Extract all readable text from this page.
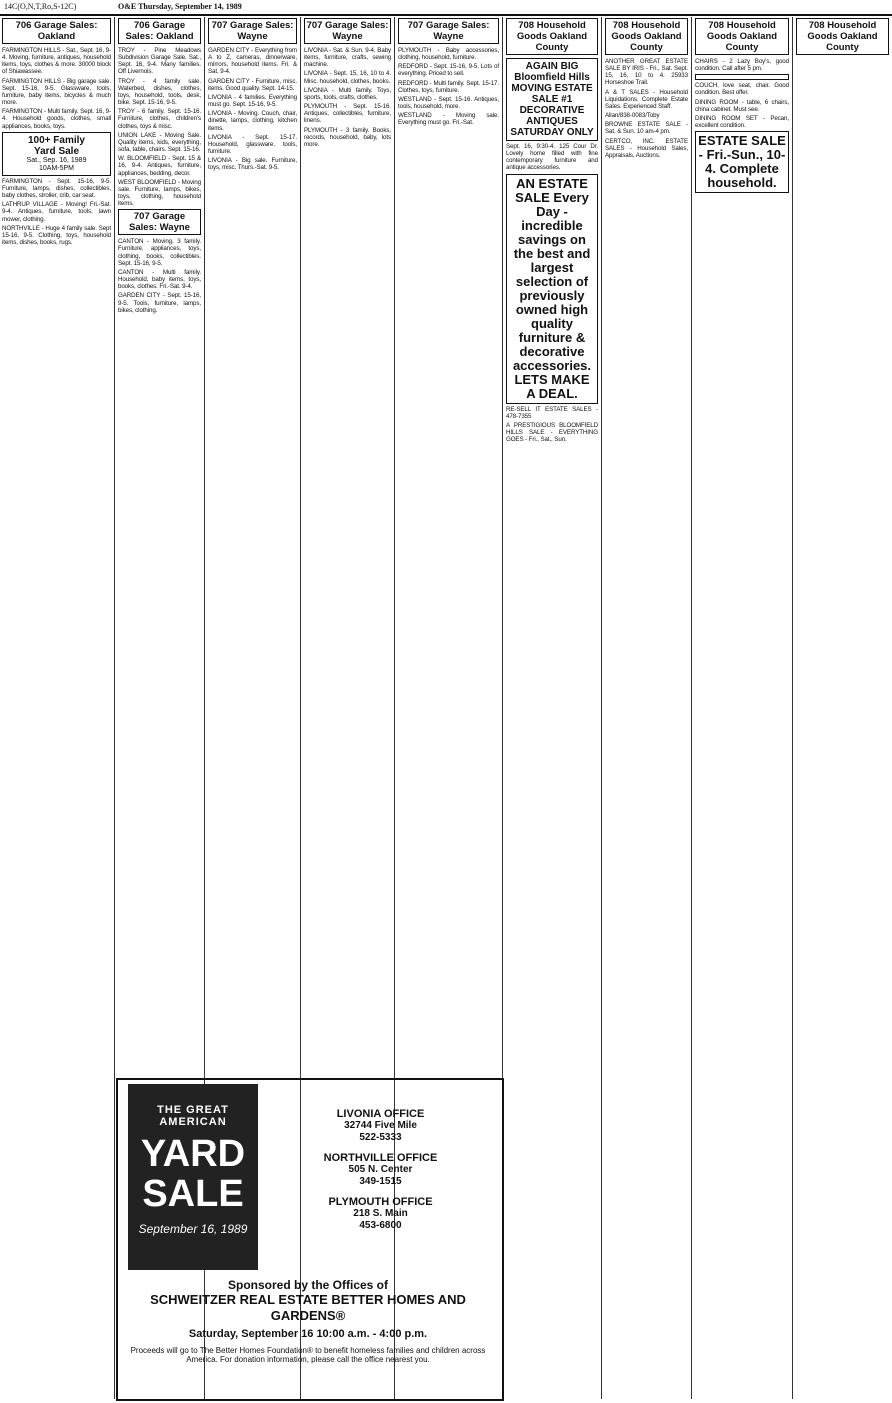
14C(O,N,T,Ro,S-12C)	O&E Thursday, September 14, 1989
706 Garage Sales: Oakland
FARMINGTON HILLS - Sat., Sept. 16, 9-4. Moving, furniture, antiques, household items, toys, clothes & more. 30000 block of Shiawassee.
FARMINGTON HILLS - Big garage sale. Sept. 15-16, 9-5. Glassware, tools, furniture, baby items, bicycles & much more.
FARMINGTON - Multi family. Sept. 16, 9-4. Household goods, clothes, small appliances, books, toys.
100+ Family
Yard Sale
Sat., Sep. 16, 1989
10AM-5PM
FARMINGTON - Sept. 15-16, 9-5. Furniture, lamps, dishes, collectibles, baby clothes, stroller, crib, car seat.
LATHRUP VILLAGE - Moving! Fri.-Sat. 9-4. Antiques, furniture, tools, lawn mower, clothing.
NORTHVILLE - Huge 4 family sale. Sept 15-16, 9-5. Clothing, toys, household items, dishes, books, rugs.
706 Garage Sales: Oakland
TROY - Pine Meadows Subdivision Garage Sale. Sat., Sept. 16, 9-4. Many families. Off Livernois.
TROY - 4 family sale. Waterbed, dishes, clothes, toys, household, tools, desk, bike. Sept. 15-16, 9-5.
TROY - 6 family. Sept. 15-16. Furniture, clothes, children's clothes, toys & misc.
UNION LAKE - Moving Sale. Quality items, kids, everything, sofa, table, chairs. Sept. 15-16.
W. BLOOMFIELD - Sept. 15 & 16, 9-4. Antiques, furniture, appliances, bedding, decor.
WEST BLOOMFIELD - Moving sale. Furniture, lamps, bikes, toys, clothing, household items.
707 Garage Sales: Wayne
CANTON - Moving. 3 family. Furniture, appliances, toys, clothing, books, collectibles. Sept. 15-16, 9-5.
CANTON - Multi family. Household, baby items, toys, books, clothes. Fri.-Sat. 9-4.
GARDEN CITY - Sept. 15-16, 9-5. Tools, furniture, lamps, bikes, clothing.
707 Garage Sales: Wayne
GARDEN CITY - Everything from A to Z, cameras, dinnerware, mirrors, household items. Fri. & Sat. 9-4.
GARDEN CITY - Furniture, misc. items. Good quality. Sept. 14-15.
LIVONIA - 4 families. Everything must go. Sept. 15-16, 9-5.
LIVONIA - Moving. Couch, chair, dinette, lamps, clothing, kitchen items.
LIVONIA - Sept. 15-17. Household, glassware, tools, furniture.
LIVONIA - Big sale. Furniture, toys, misc. Thurs.-Sat. 9-5.
707 Garage Sales: Wayne
LIVONIA - Sat. & Sun. 9-4. Baby items, furniture, crafts, sewing machine.
LIVONIA - Sept. 15, 16, 10 to 4. Misc. household, clothes, books.
LIVONIA - Multi family. Toys, sports, tools, crafts, clothes.
PLYMOUTH - Sept. 15-16. Antiques, collectibles, furniture, linens.
PLYMOUTH - 3 family. Books, records, household, baby, lots more.
707 Garage Sales: Wayne
PLYMOUTH - Baby accessories, clothing, household, furniture.
REDFORD - Sept. 15-16, 9-5. Lots of everything. Priced to sell.
REDFORD - Multi family. Sept. 15-17. Clothes, toys, furniture.
WESTLAND - Sept. 15-16. Antiques, tools, household, more.
WESTLAND - Moving sale. Everything must go. Fri.-Sat.
708 Household Goods Oakland County
AGAIN BIG Bloomfield Hills MOVING ESTATE SALE #1 DECORATIVE ANTIQUES SATURDAY ONLY
Sept. 16, 9:30-4. 125 Cour Dr. Lovely home filled with fine contemporary furniture and antique accessories.
AN ESTATE SALE Every Day - incredible savings on the best and largest selection of previously owned high quality furniture & decorative accessories. LETS MAKE A DEAL.
RE-SELL IT ESTATE SALES - 478-7355
A PRESTIGIOUS BLOOMFIELD HILLS SALE - EVERYTHING GOES - Fri., Sat., Sun.
708 Household Goods Oakland County
ANOTHER GREAT ESTATE SALE BY IRIS - Fri., Sat. Sept. 15, 16, 10 to 4. 25933 Horseshoe Trail.
A & T SALES - Household Liquidations. Complete Estate Sales. Experienced Staff.
Allan/838-0083/Toby
BROWNE ESTATE SALE - Sat. & Sun. 10 am-4 pm.
CERTCO, INC. ESTATE SALES - Household Sales, Appraisals, Auctions.
708 Household Goods Oakland County
CHAIRS - 2 Lazy Boy's, good condition. Call after 5 pm.
COUCH, love seat, chair. Good condition. Best offer.
DINING ROOM - table, 6 chairs, china cabinet. Must see.
DINING ROOM SET - Pecan, excellent condition.
ESTATE SALE - Fri.-Sun., 10-4. Complete household.
708 Household Goods Oakland County
THE GREAT AMERICAN
YARD SALE
September 16, 1989
LIVONIA OFFICE
32744 Five Mile
522-5333
NORTHVILLE OFFICE
505 N. Center
349-1515
PLYMOUTH OFFICE
218 S. Main
453-6800
Sponsored by the Offices of
SCHWEITZER REAL ESTATE BETTER HOMES AND GARDENS®
Saturday, September 16 10:00 a.m. - 4:00 p.m.
Proceeds will go to The Better Homes Foundation® to benefit homeless families and children across America. For donation information, please call the office nearest you.
